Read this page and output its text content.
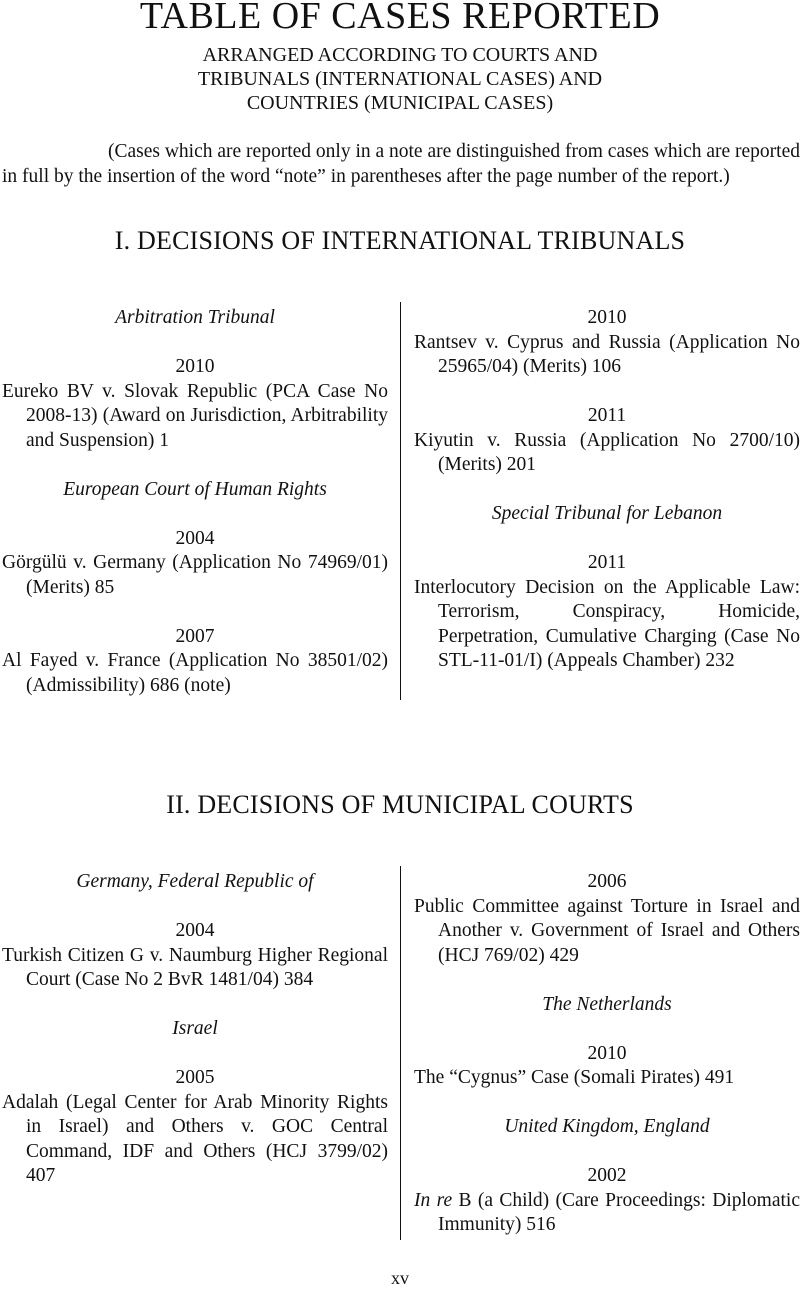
TABLE OF CASES REPORTED
ARRANGED ACCORDING TO COURTS AND
TRIBUNALS (INTERNATIONAL CASES) AND
COUNTRIES (MUNICIPAL CASES)
(Cases which are reported only in a note are distinguished from cases which are reported
in full by the insertion of the word “note” in parentheses after the page number of the report.)
I. DECISIONS OF INTERNATIONAL TRIBUNALS

Arbitration Tribunal

2010

Eureko BV v. Slovak Republic (PCA Case No 2008-13) (Award on Jurisdiction, Arbitrability and Suspension) 1

European Court of Human Rights

2004

Görgülü v. Germany (Application No 74969/01) (Merits) 85

2007

Al Fayed v. France (Application No 38501/02) (Admissibility) 686 (note)

2010

Rantsev v. Cyprus and Russia (Application No 25965/04) (Merits) 106

2011

Kiyutin v. Russia (Application No 2700/10) (Merits) 201

Special Tribunal for Lebanon

2011

Interlocutory Decision on the Applicable Law: Terrorism, Conspiracy, Homicide, Perpetration, Cumulative Charging (Case No STL-11-01/I) (Appeals Chamber) 232

II. DECISIONS OF MUNICIPAL COURTS

Germany, Federal Republic of

2004

Turkish Citizen G v. Naumburg Higher Regional Court (Case No 2 BvR 1481/04) 384

Israel

2005

Adalah (Legal Center for Arab Minority Rights in Israel) and Others v. GOC Central Command, IDF and Others (HCJ 3799/02) 407

2006

Public Committee against Torture in Israel and Another v. Government of Israel and Others (HCJ 769/02) 429

The Netherlands

2010

The “Cygnus” Case (Somali Pirates) 491

United Kingdom, England

2002

In re B (a Child) (Care Proceedings: Diplomatic Immunity) 516

xv
